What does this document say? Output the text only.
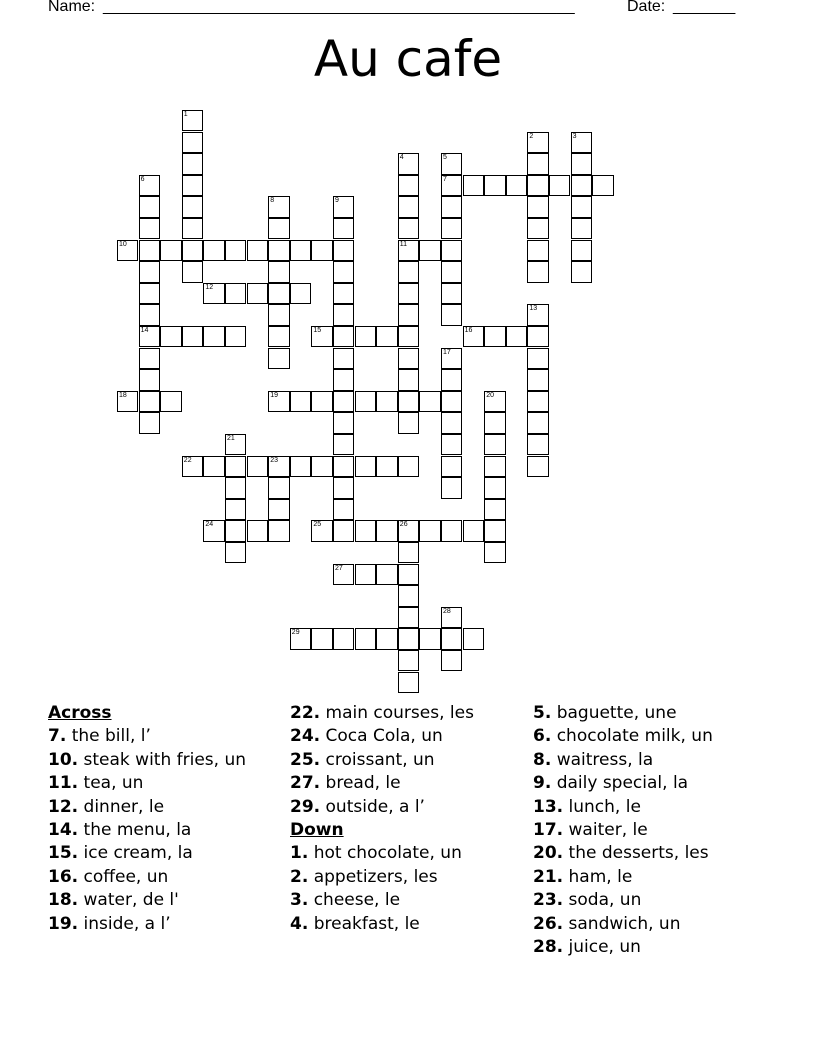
Name: _____________________________________________________	Date: _______
Au cafe
7
10	11
12
14	15	16
18	19
22	23
24	25	26
27
29
1
2	3
4	5
6
8	9
13
17
20
21
28
Across
7. the bill, l’
10. steak with fries, un
11. tea, un
12. dinner, le
14. the menu, la
15. ice cream, la
16. coffee, un
18. water, de l'
19. inside, a l’
22. main courses, les
24. Coca Cola, un
25. croissant, un
27. bread, le
29. outside, a l’
Down
1. hot chocolate, un
2. appetizers, les
3. cheese, le
4. breakfast, le
5. baguette, une
6. chocolate milk, un
8. waitress, la
9. daily special, la
13. lunch, le
17. waiter, le
20. the desserts, les
21. ham, le
23. soda, un
26. sandwich, un
28. juice, un
